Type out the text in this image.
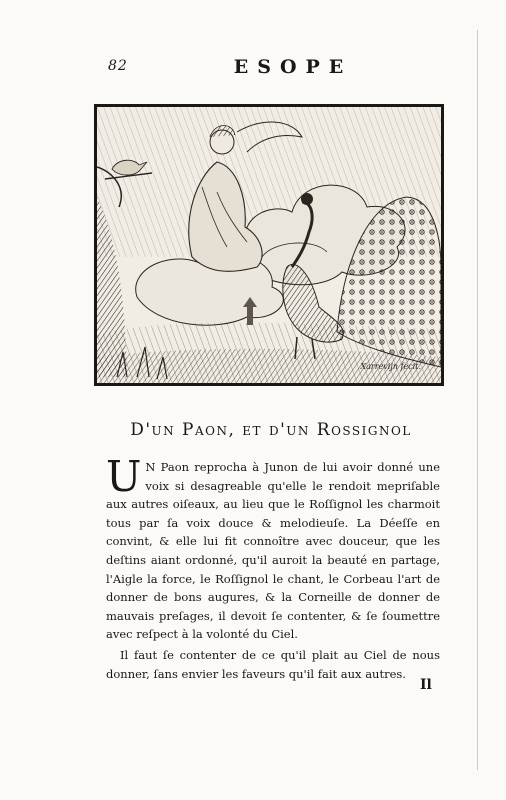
82	ESOPE
Xarrevijn fecit.
D'un Paon, et d'un Rossignol

U N Paon reprocha à Junon de lui avoir donné une voix si desagreable qu'elle le rendoit mepriſable aux autres oiſeaux, au lieu que le Roſſignol les charmoit tous par ſa voix douce & melodieuſe. La Déeſſe en convint, & elle lui fit connoître avec douceur, que les deſtins aiant ordonné, qu'il auroit la beauté en partage, l'Aigle la force, le Roſſignol le chant, le Corbeau l'art de donner de bons augures, & la Corneille de donner de mauvais preſages, il devoit ſe contenter, & ſe ſoumettre avec reſpect à la volonté du Ciel.

Il faut ſe contenter de ce qu'il plait au Ciel de nous donner, ſans envier les faveurs qu'il fait aux autres.

Il
